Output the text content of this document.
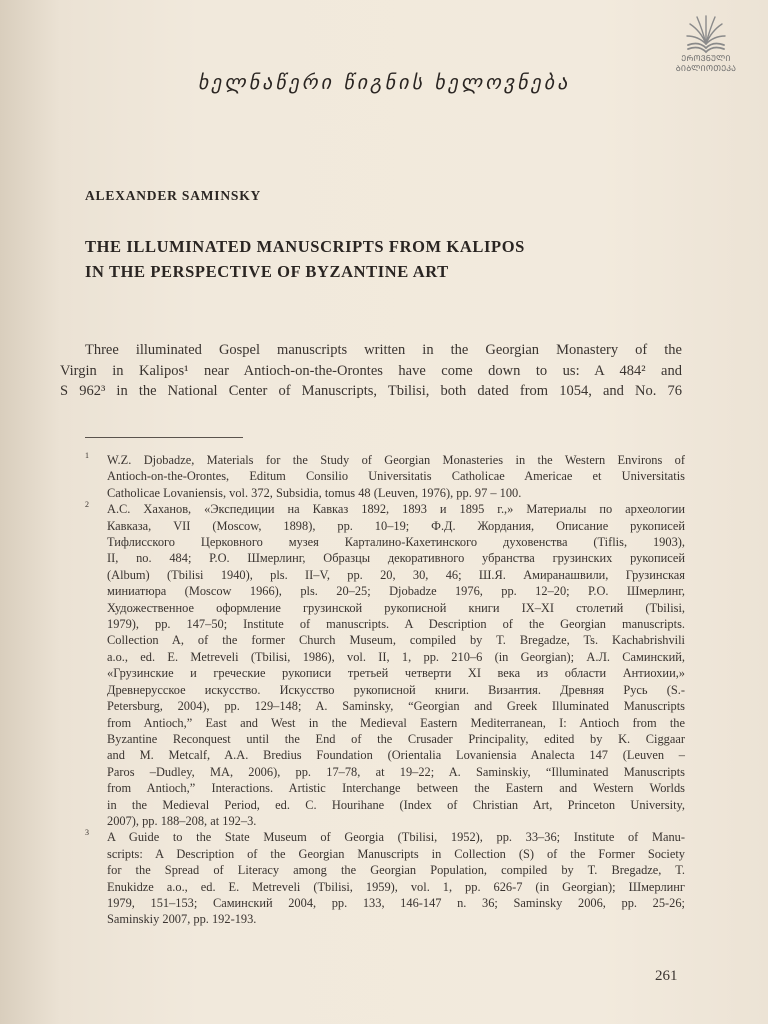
ᲔᲠᲝᲕᲜᲣᲚᲘ
ᲑᲘᲑᲚᲘᲝᲗᲔᲙᲐ
ხელნაწერი წიგნის ხელოვნება
ALEXANDER SAMINSKY
THE ILLUMINATED MANUSCRIPTS FROM KALIPOS
IN THE PERSPECTIVE OF BYZANTINE ART
Three illuminated Gospel manuscripts written in the Georgian Monastery of the
Virgin in Kalipos¹ near Antioch-on-the-Orontes have come down to us: A 484² and
S 962³ in the National Center of Manuscripts, Tbilisi, both dated from 1054, and No. 76
1 W.Z. Djobadze, Materials for the Study of Georgian Monasteries in the Western Environs of
Antioch-on-the-Orontes, Editum Consilio Universitatis Catholicae Americae et Universitatis
Catholicae Lovaniensis, vol. 372, Subsidia, tomus 48 (Leuven, 1976), pp. 97 – 100.
2 А.С. Хаханов, «Экспедиции на Кавказ 1892, 1893 и 1895 г.,» Материалы по археологии
Кавказа, VII (Moscow, 1898), pp. 10–19; Ф.Д. Жордания, Описание рукописей
Тифлисского Церковного музея Карталино-Кахетинского духовенства (Tiflis, 1903),
II, no. 484; Р.О. Шмерлинг, Образцы декоративного убранства грузинских рукописей
(Album) (Tbilisi 1940), pls. II–V, pp. 20, 30, 46; Ш.Я. Амиранашвили, Грузинская
миниатюра (Moscow 1966), pls. 20–25; Djobadze 1976, pp. 12–20; Р.О. Шмерлинг,
Художественное оформление грузинской рукописной книги IX–XI столетий (Tbilisi,
1979), pp. 147–50; Institute of manuscripts. A Description of the Georgian manuscripts.
Collection A, of the former Church Museum, compiled by T. Bregadze, Ts. Kachabrishvili
a.o., ed. E. Metreveli (Tbilisi, 1986), vol. II, 1, pp. 210–6 (in Georgian); А.Л. Саминский,
«Грузинские и греческие рукописи третьей четверти XI века из области Антиохии,»
Древнерусское искусство. Искусство рукописной книги. Византия. Древняя Русь (S.-
Petersburg, 2004), pp. 129–148; A. Saminsky, “Georgian and Greek Illuminated Manuscripts
from Antioch,” East and West in the Medieval Eastern Mediterranean, I: Antioch from the
Byzantine Reconquest until the End of the Crusader Principality, edited by K. Ciggaar
and M. Metcalf, A.A. Bredius Foundation (Orientalia Lovaniensia Analecta 147 (Leuven –
Paros –Dudley, MA, 2006), pp. 17–78, at 19–22; A. Saminskiy, “Illuminated Manuscripts
from Antioch,” Interactions. Artistic Interchange between the Eastern and Western Worlds
in the Medieval Period, ed. C. Hourihane (Index of Christian Art, Princeton University,
2007), pp. 188–208, at 192–3.
3 A Guide to the State Museum of Georgia (Tbilisi, 1952), pp. 33–36; Institute of Manu-
scripts: A Description of the Georgian Manuscripts in Collection (S) of the Former Society
for the Spread of Literacy among the Georgian Population, compiled by T. Bregadze, T.
Enukidze a.o., ed. E. Metreveli (Tbilisi, 1959), vol. 1, pp. 626-7 (in Georgian); Шмерлинг
1979, 151–153; Саминский 2004, pp. 133, 146-147 n. 36; Saminsky 2006, pp. 25-26;
Saminskiy 2007, pp. 192-193.
261
